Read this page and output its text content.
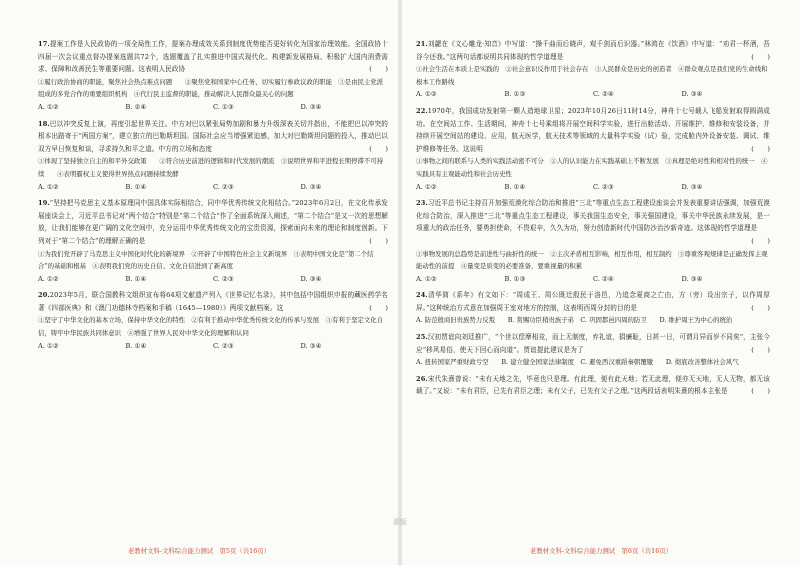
17.提案工作是人民政协的一项全局性工作，提案办理成效关系到制度优势能否更好转化为国家治理效能。全国政协十四届一次会议重点督办提案选题共72个，选题覆盖了扎实推进中国式现代化、构建新发展格局、积极扩大国内消费需求、保障和改善民生等重要问题。这表明人民政协	(　　)

①履行政治协商的职能，聚焦社会热点难点问题　　②聚焦党和国家中心任务，切实履行参政议政的职能　③是由民主党派组成的多党合作的重要组织机构　④代行民主监督的职能，推动解决人民群众最关心的问题

A. ①②	B. ②④	C. ①③	D. ③④

18.巴以冲突反复上演，再度引起世界关注。中方对巴以紧张局势加剧和暴力升级深表关切并指出，不能把巴以冲突的根本出路寄于“两国方案”，建立独立的巴勒斯坦国。国际社会应当增强紧迫感，加大对巴勒斯坦问题的投入，推动巴以双方早日恢复和谈，寻求持久和平之道。中方的立场和态度	(　　)

①体现了坚持独立自主的和平外交政策　　②符合历史前进的逻辑和时代发展的潮流　③说明世界和平进程长期停滞不可持续　　④表明霸权主义使得世界热点问题持续发酵

A. ①②	B. ①④	C. ②③	D. ③④

19.“坚持把马克思主义基本原理同中国具体实际相结合，同中华优秀传统文化相结合。”2023年6月2日，在文化传承发展座谈会上，习近平总书记对“两个结合”特别是“第二个结合”作了全面系统深入阐述，“第二个结合”是又一次的思想解放，让我们能够在更广阔的文化空间中，充分运用中华优秀传统文化的宝贵资源，探索面向未来的理论和制度创新。下列对于“第二个结合”的理解正确的是	(　　)

①为我们党开辟了马克思主义中国化时代化的新境界　②开辟了中国特色社会主义新境界　③表明中国文化是“第二个结合”的基础和根基　④表明我们党的历史自信、文化自信进到了新高度

A. ①②	B. ①④	C. ②③	D. ③④

20.2023年5月，联合国教科文组织宣布将64项文献遗产列入《世界记忆名录》，其中包括中国组织申报的藏医药学名著《四部医典》和《澳门功德林寺档案和手稿（1645—1980）》两项文献档案。这	(　　)

①坚守了中华文化的基本立场，保持中华文化的特性　②有利于推动中华优秀传统文化的传承与发展　③有利于坚定文化自信，铸牢中华民族共同体意识　④增强了世界人民对中华文化的理解和认同

A. ①②	B. ①④	C. ②③	D. ③④
老教材文科-文科综合能力测试　第5页（共16页）

21.刘勰在《文心雕龙·知音》中写道：“操千曲而后晓声，观千剑而后识器。”林鸿在《饮酒》中写道：“劝君一杯酒，吾谷今还我。”这两句话都说明共同体现的哲学道理是	(　　)

①社会生活在本质上是实践的　②社会意识反作用于社会存在　③人民群众是历史的创造者　④群众观点是我们党的生命线和根本工作路线

A. ①②	B. ①③	C. ②④	D. ③④

22.1970年，我国成功发射第一颗人造地球卫星；2023年10月26日11时14分，神舟十七号载人飞船发射取得圆满成功。在空间站工作、生活期间，神舟十七号乘组将开展空间科学实验，进行出舱活动、开展维护、维修和安装设备，并持续开展空间站的建设、应用，航天医学，航天技术等领域的大量科学实验（试）验，完成舱内外设备安装、调试、维护维修等任务。这说明	(　　)

①事物之间的联系与人类的实践活动密不可分　②人的认识能力在实践基础上不断发展　③真理是绝对性和相对性的统一　④实践具有主观能动性和社会历史性

A. ①②	B. ①④	C. ②③	D. ③④

23.习近平总书记主持召开加强荒漠化综合防治和推进“三北”等重点生态工程建设座谈会并发表重要讲话强调，加强荒漠化综合防治，深入推进“三北”等重点生态工程建设，事关我国生态安全，事关强国建设，事关中华民族永续发展，是一项重大的政治任务，要勇担使命，不畏艰辛，久久为功，努力创造新时代中国防沙治沙新奇迹。这体现的哲学道理是
(　　)

①事物发展的总趋势是前进性与曲折性的统一　②主次矛盾相互影响，相互作用，相互制约　③尊重客观规律是正确发挥主观能动性的前提　④量变是质变的必要准备，要重视量的积累

A. ①②	B. ①③	C. ②④	D. ③④

24.清华简《系年》有文如下：“周成王、周公既迁殷民于洛邑，乃追念夏商之亡由，方（旁）设出宗子，以作周厚屏。”这种统治方式意在加强周王室对地方的控制，这表明西周分封的目的是	(　　)

A. 防范殷商旧贵族势力反叛　　B. 赏赐功臣稍贵族子弟　C. 巩固都邑四周的防卫　　D. 维护周王为中心的统治

25.汉初贾谊向刘廷推广，“个世以偿摩相竞，而上无制度，弃礼谊，捐廉耻，日甚一日，可谓月异而岁不同矣”，主张今应“移风易俗，使天下回心而向道”。贾谊提此建议是为了	(　　)

A. 扭转国家严重财政亏空　　B. 建立健全国家法律制度　C. 避免西汉重蹈秦朝覆辙　　D. 彻底改善整体社会风气

26.宋代朱熹曾说：“未有天地之先，毕竟也只是理。有此理，便有此天地；若无此理，便亦无天地，无人无物，都无该载了。”又说：“未有君臣，已先有君臣之理；未有父子，已先有父子之理。”这两段话表明朱熹的根本主张是	(　　)

老教材文科-文科综合能力测试　第6页（共16页）
源版
